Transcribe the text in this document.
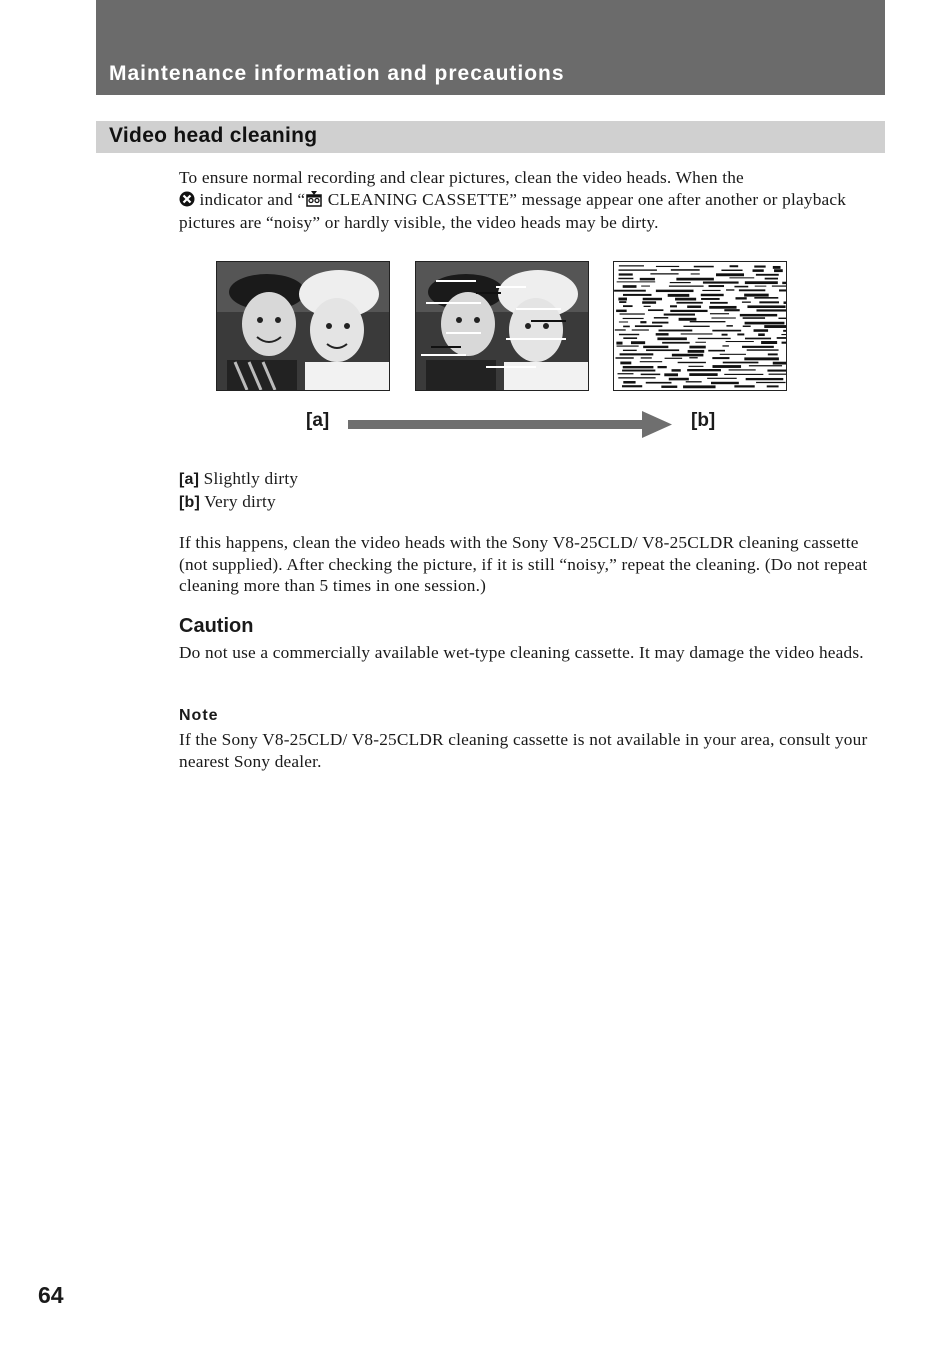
Maintenance information and precautions
Video head cleaning
To ensure normal recording and clear pictures, clean the video heads. When the
indicator and “ CLEANING CASSETTE” message appear one after another or playback pictures are “noisy” or hardly visible, the video heads may be dirty.
[a]	[b]
[a] Slightly dirty
[b] Very dirty
If this happens, clean the video heads with the Sony V8-25CLD/ V8-25CLDR cleaning cassette (not supplied). After checking the picture, if it is still “noisy,” repeat the cleaning. (Do not repeat cleaning more than 5 times in one session.)
Caution
Do not use a commercially available wet-type cleaning cassette. It may damage the video heads.
Note
If the Sony V8-25CLD/ V8-25CLDR cleaning cassette is not available in your area, consult your nearest Sony dealer.
64
